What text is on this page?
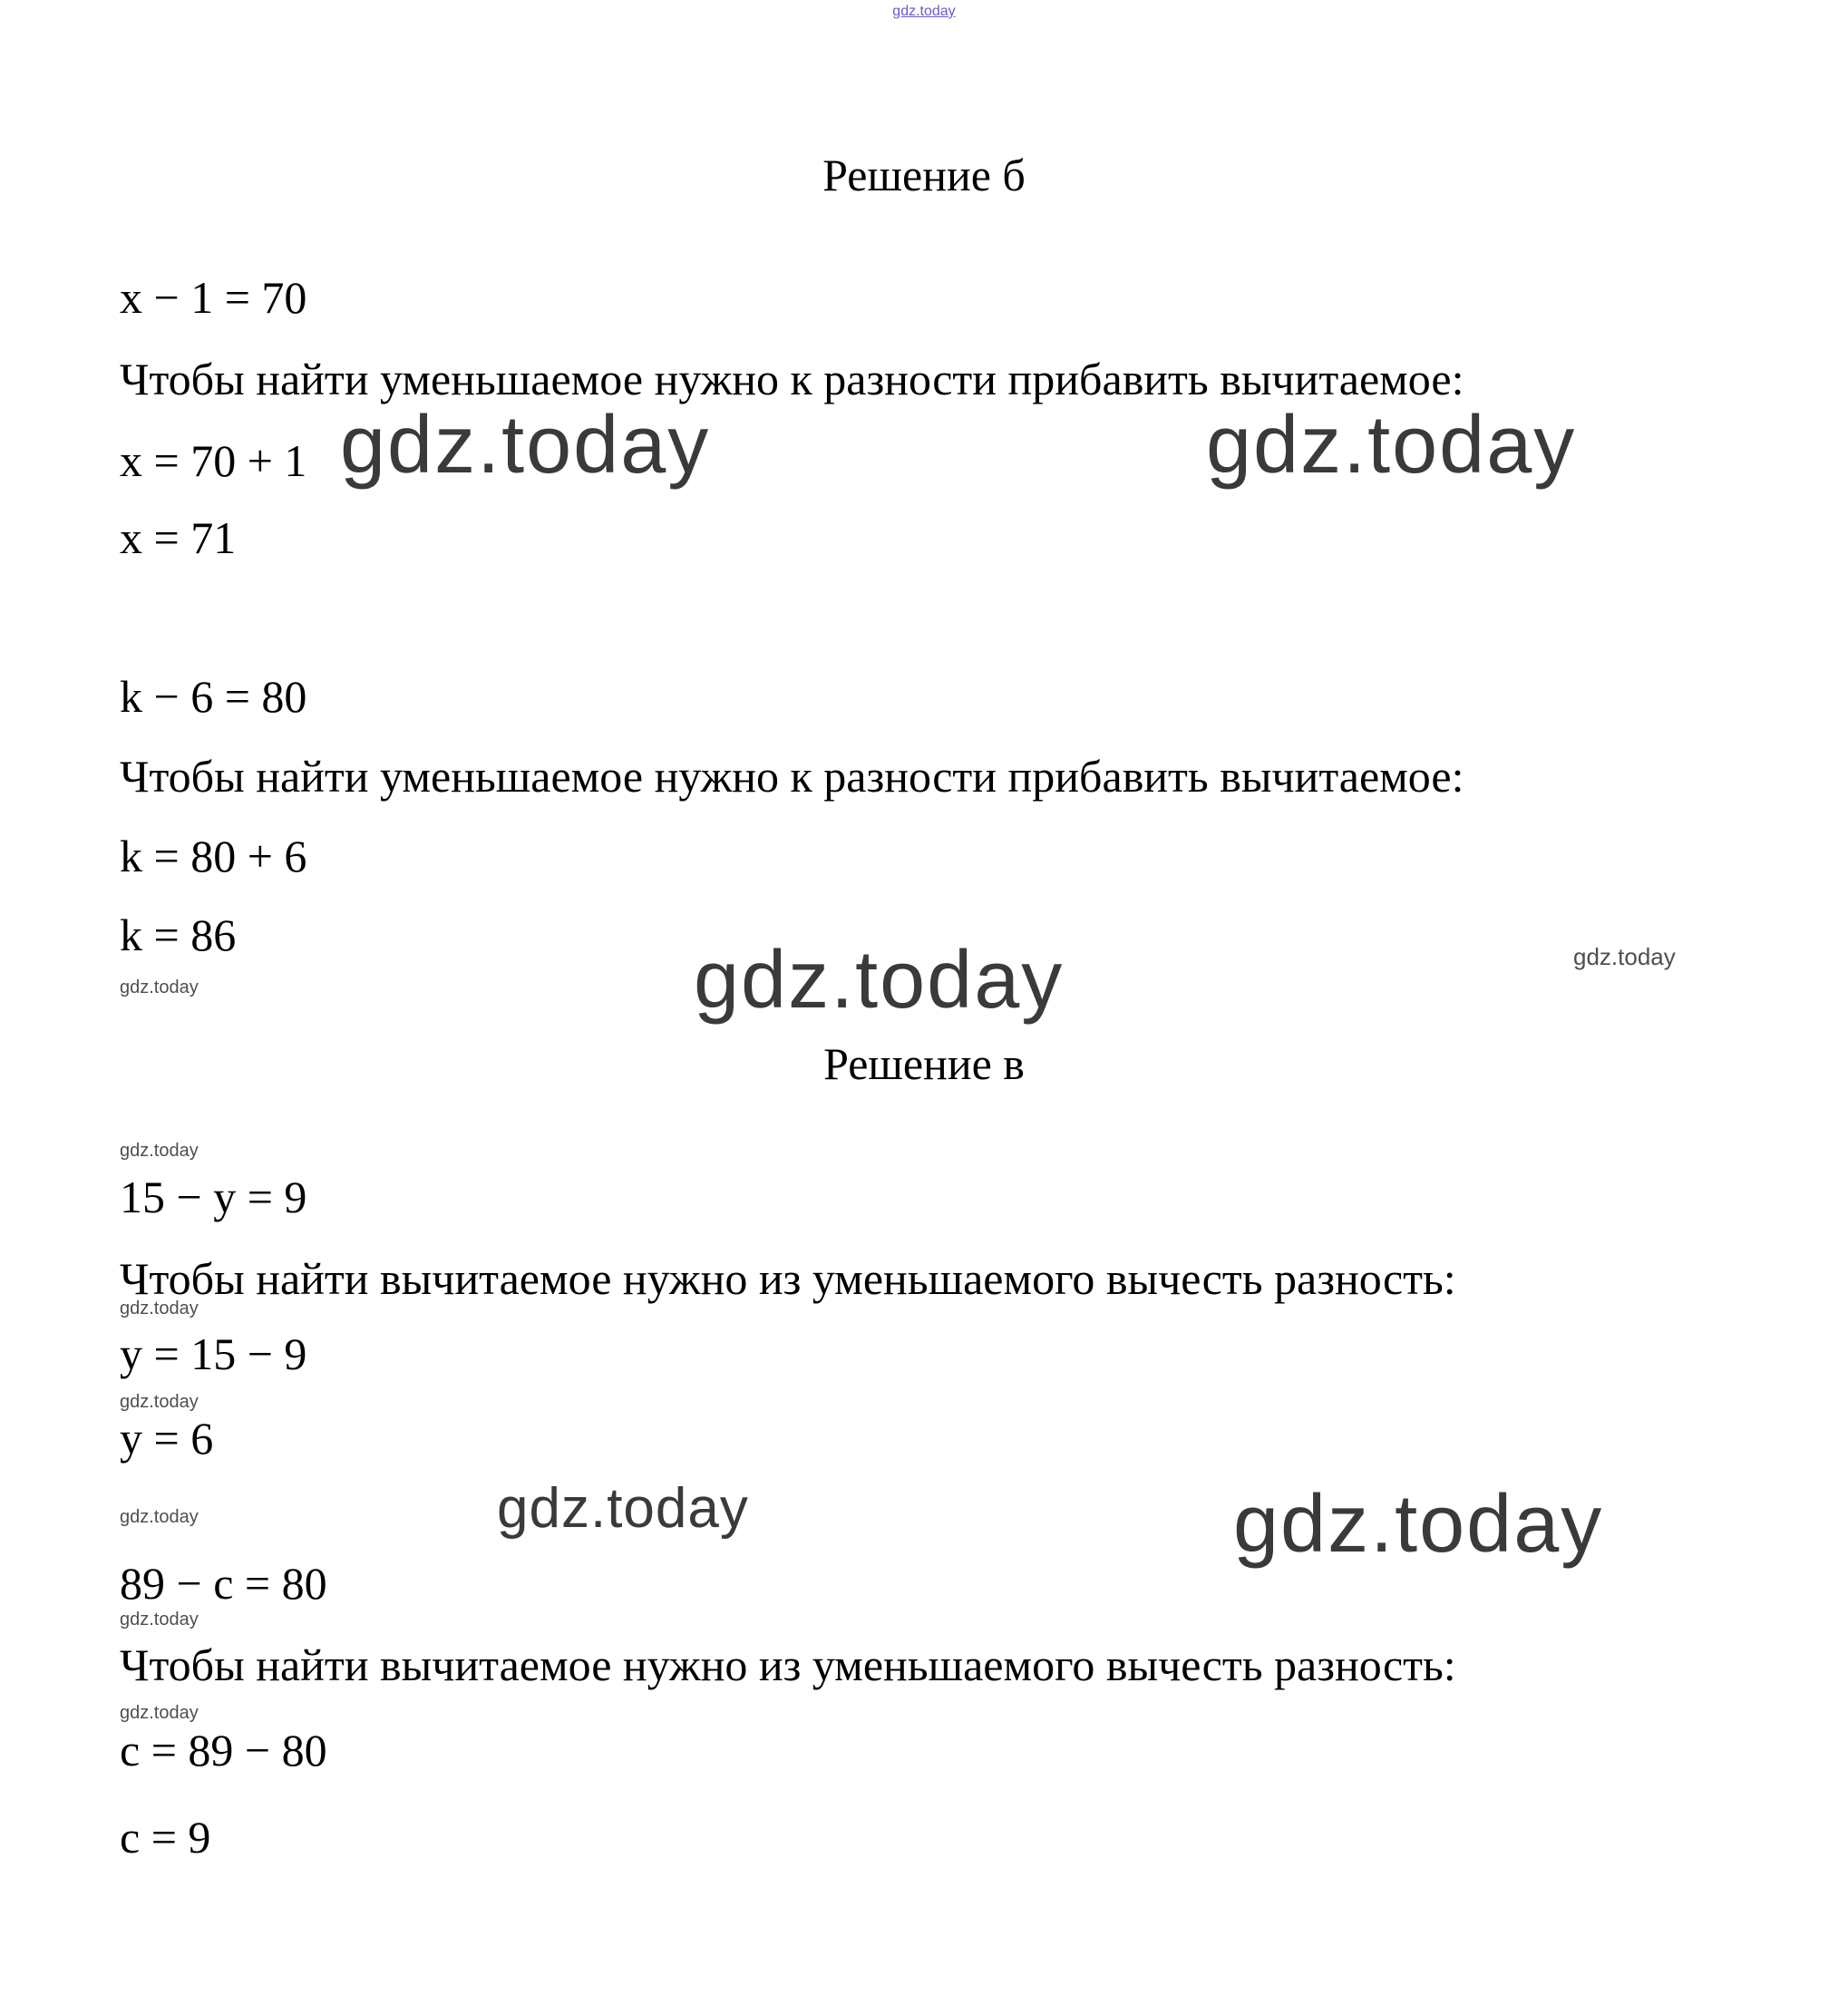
gdz.today
Решение б
x − 1 = 70
Чтобы найти уменьшаемое нужно к разности прибавить вычитаемое:
x = 70 + 1 gdz.today	gdz.today
x = 71
k − 6 = 80
Чтобы найти уменьшаемое нужно к разности прибавить вычитаемое:
k = 80 + 6
k = 86
gdz.today	gdz.today	gdz.today
Решение в
gdz.today
15 − y = 9
Чтобы найти вычитаемое нужно из уменьшаемого вычесть разность:
gdz.today
y = 15 − 9
gdz.today
y = 6
gdz.today	gdz.today	gdz.today
89 − c = 80
gdz.today
Чтобы найти вычитаемое нужно из уменьшаемого вычесть разность:
gdz.today
c = 89 − 80
c = 9
